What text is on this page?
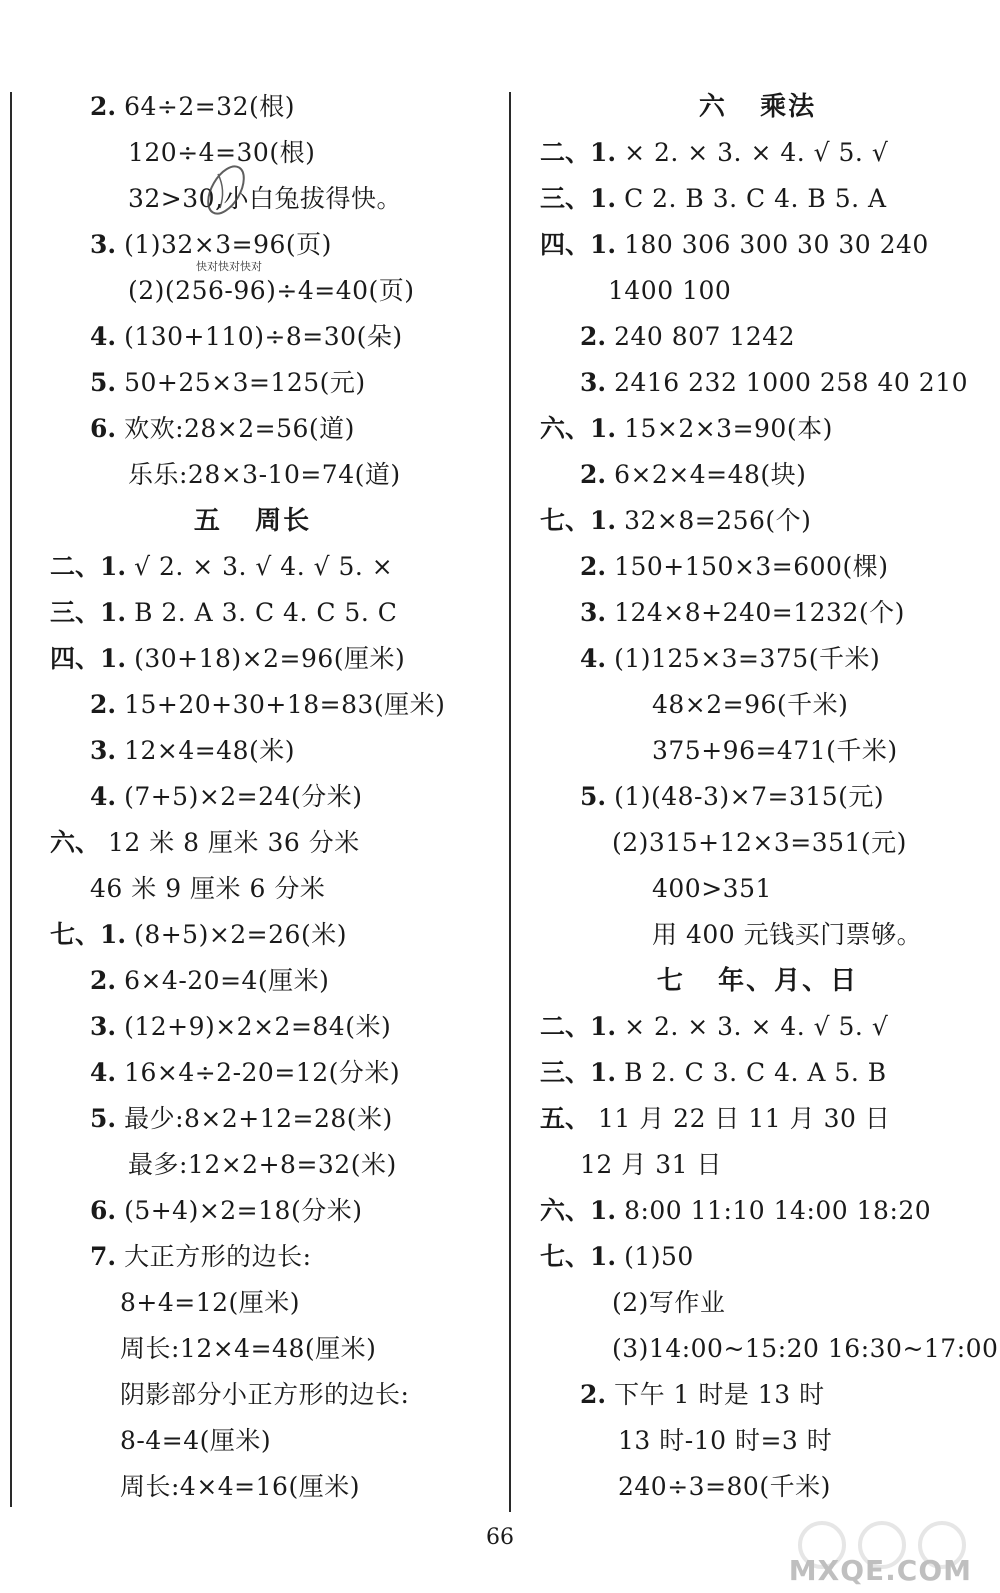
2. 64÷2=32(根)
120÷4=30(根)
32>30,小白兔拔得快。
3. (1)32×3=96(页)
(2)(256-96)÷4=40(页)
4. (130+110)÷8=30(朵)
5. 50+25×3=125(元)
6. 欢欢:28×2=56(道)
乐乐:28×3-10=74(道)
五   周长
二、1. √ 2. × 3. √ 4. √ 5. ×
三、1. B 2. A 3. C 4. C 5. C
四、1. (30+18)×2=96(厘米)
2. 15+20+30+18=83(厘米)
3. 12×4=48(米)
4. (7+5)×2=24(分米)
六、 12 米 8 厘米 36 分米
46 米 9 厘米 6 分米
七、1. (8+5)×2=26(米)
2. 6×4-20=4(厘米)
3. (12+9)×2×2=84(米)
4. 16×4÷2-20=12(分米)
5. 最少:8×2+12=28(米)
最多:12×2+8=32(米)
6. (5+4)×2=18(分米)
7. 大正方形的边长:
8+4=12(厘米)
周长:12×4=48(厘米)
阴影部分小正方形的边长:
8-4=4(厘米)
周长:4×4=16(厘米)
六   乘法
二、1. × 2. × 3. × 4. √ 5. √
三、1. C 2. B 3. C 4. B 5. A
四、1. 180 306 300 30 30 240
1400 100
2. 240 807 1242
3. 2416 232 1000 258 40 210
六、1. 15×2×3=90(本)
2. 6×2×4=48(块)
七、1. 32×8=256(个)
2. 150+150×3=600(棵)
3. 124×8+240=1232(个)
4. (1)125×3=375(千米)
48×2=96(千米)
375+96=471(千米)
5. (1)(48-3)×7=315(元)
(2)315+12×3=351(元)
400>351
用 400 元钱买门票够。
七   年、月、日
二、1. × 2. × 3. × 4. √ 5. √
三、1. B 2. C 3. C 4. A 5. B
五、 11 月 22 日 11 月 30 日
12 月 31 日
六、1. 8:00 11:10 14:00 18:20
七、1. (1)50
(2)写作业
(3)14:00~15:20 16:30~17:00
2. 下午 1 时是 13 时
13 时-10 时=3 时
240÷3=80(千米)
快对快对快对
MXQE.COM
66
